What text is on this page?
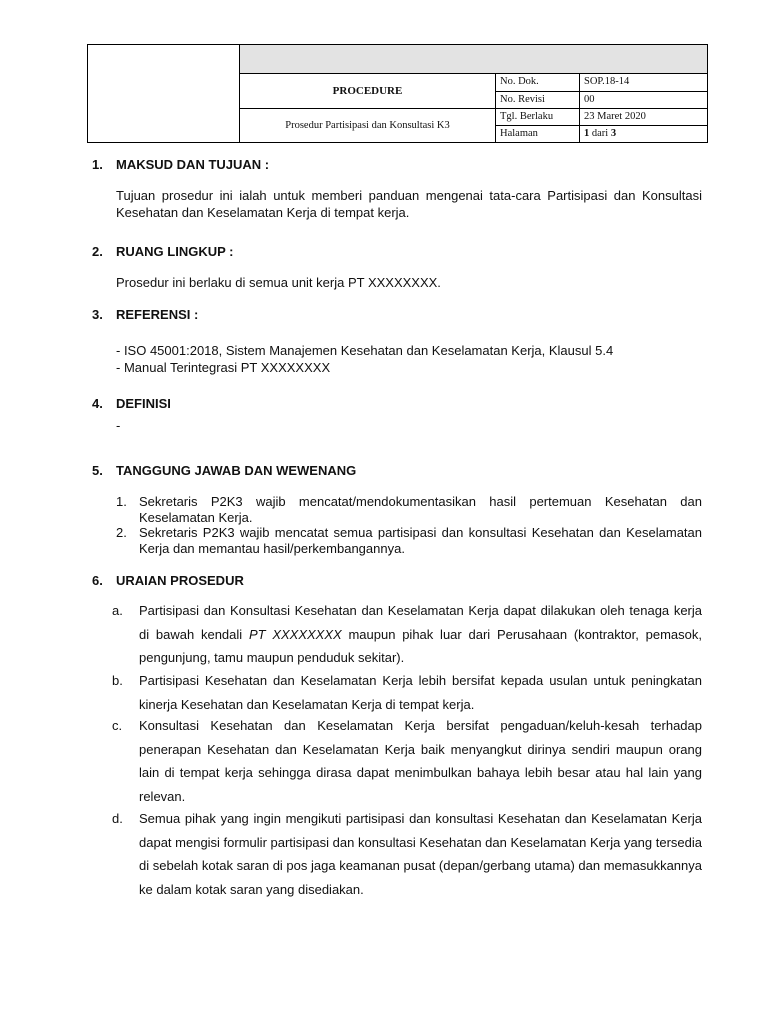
PROCEDURE
Prosedur Partisipasi dan Konsultasi K3
No. Dok.	SOP.18-14
No. Revisi	00
Tgl. Berlaku	23 Maret 2020
Halaman	1 dari 3
1. MAKSUD DAN TUJUAN :
Tujuan prosedur ini ialah untuk memberi panduan mengenai tata-cara Partisipasi dan Konsultasi Kesehatan dan Keselamatan Kerja di tempat kerja.
2. RUANG LINGKUP :
Prosedur ini berlaku di semua unit kerja PT XXXXXXXX.
3. REFERENSI :
- ISO 45001:2018, Sistem Manajemen Kesehatan dan Keselamatan Kerja, Klausul 5.4
- Manual Terintegrasi PT XXXXXXXX
4. DEFINISI
-
5. TANGGUNG JAWAB DAN WEWENANG
1. Sekretaris P2K3 wajib mencatat/mendokumentasikan hasil pertemuan Kesehatan dan Keselamatan Kerja.
2. Sekretaris P2K3 wajib mencatat semua partisipasi dan konsultasi Kesehatan dan Keselamatan Kerja dan memantau hasil/perkembangannya.
6. URAIAN PROSEDUR
a. Partisipasi dan Konsultasi Kesehatan dan Keselamatan Kerja dapat dilakukan oleh tenaga kerja di bawah kendali PT XXXXXXXX maupun pihak luar dari Perusahaan (kontraktor, pemasok, pengunjung, tamu maupun penduduk sekitar).
b. Partisipasi Kesehatan dan Keselamatan Kerja lebih bersifat kepada usulan untuk peningkatan kinerja Kesehatan dan Keselamatan Kerja di tempat kerja.
c. Konsultasi Kesehatan dan Keselamatan Kerja bersifat pengaduan/keluh-kesah terhadap penerapan Kesehatan dan Keselamatan Kerja baik menyangkut dirinya sendiri maupun orang lain di tempat kerja sehingga dirasa dapat menimbulkan bahaya lebih besar atau hal lain yang relevan.
d. Semua pihak yang ingin mengikuti partisipasi dan konsultasi Kesehatan dan Keselamatan Kerja dapat mengisi formulir partisipasi dan konsultasi Kesehatan dan Keselamatan Kerja yang tersedia di sebelah kotak saran di pos jaga keamanan pusat (depan/gerbang utama) dan memasukkannya ke dalam kotak saran yang disediakan.
